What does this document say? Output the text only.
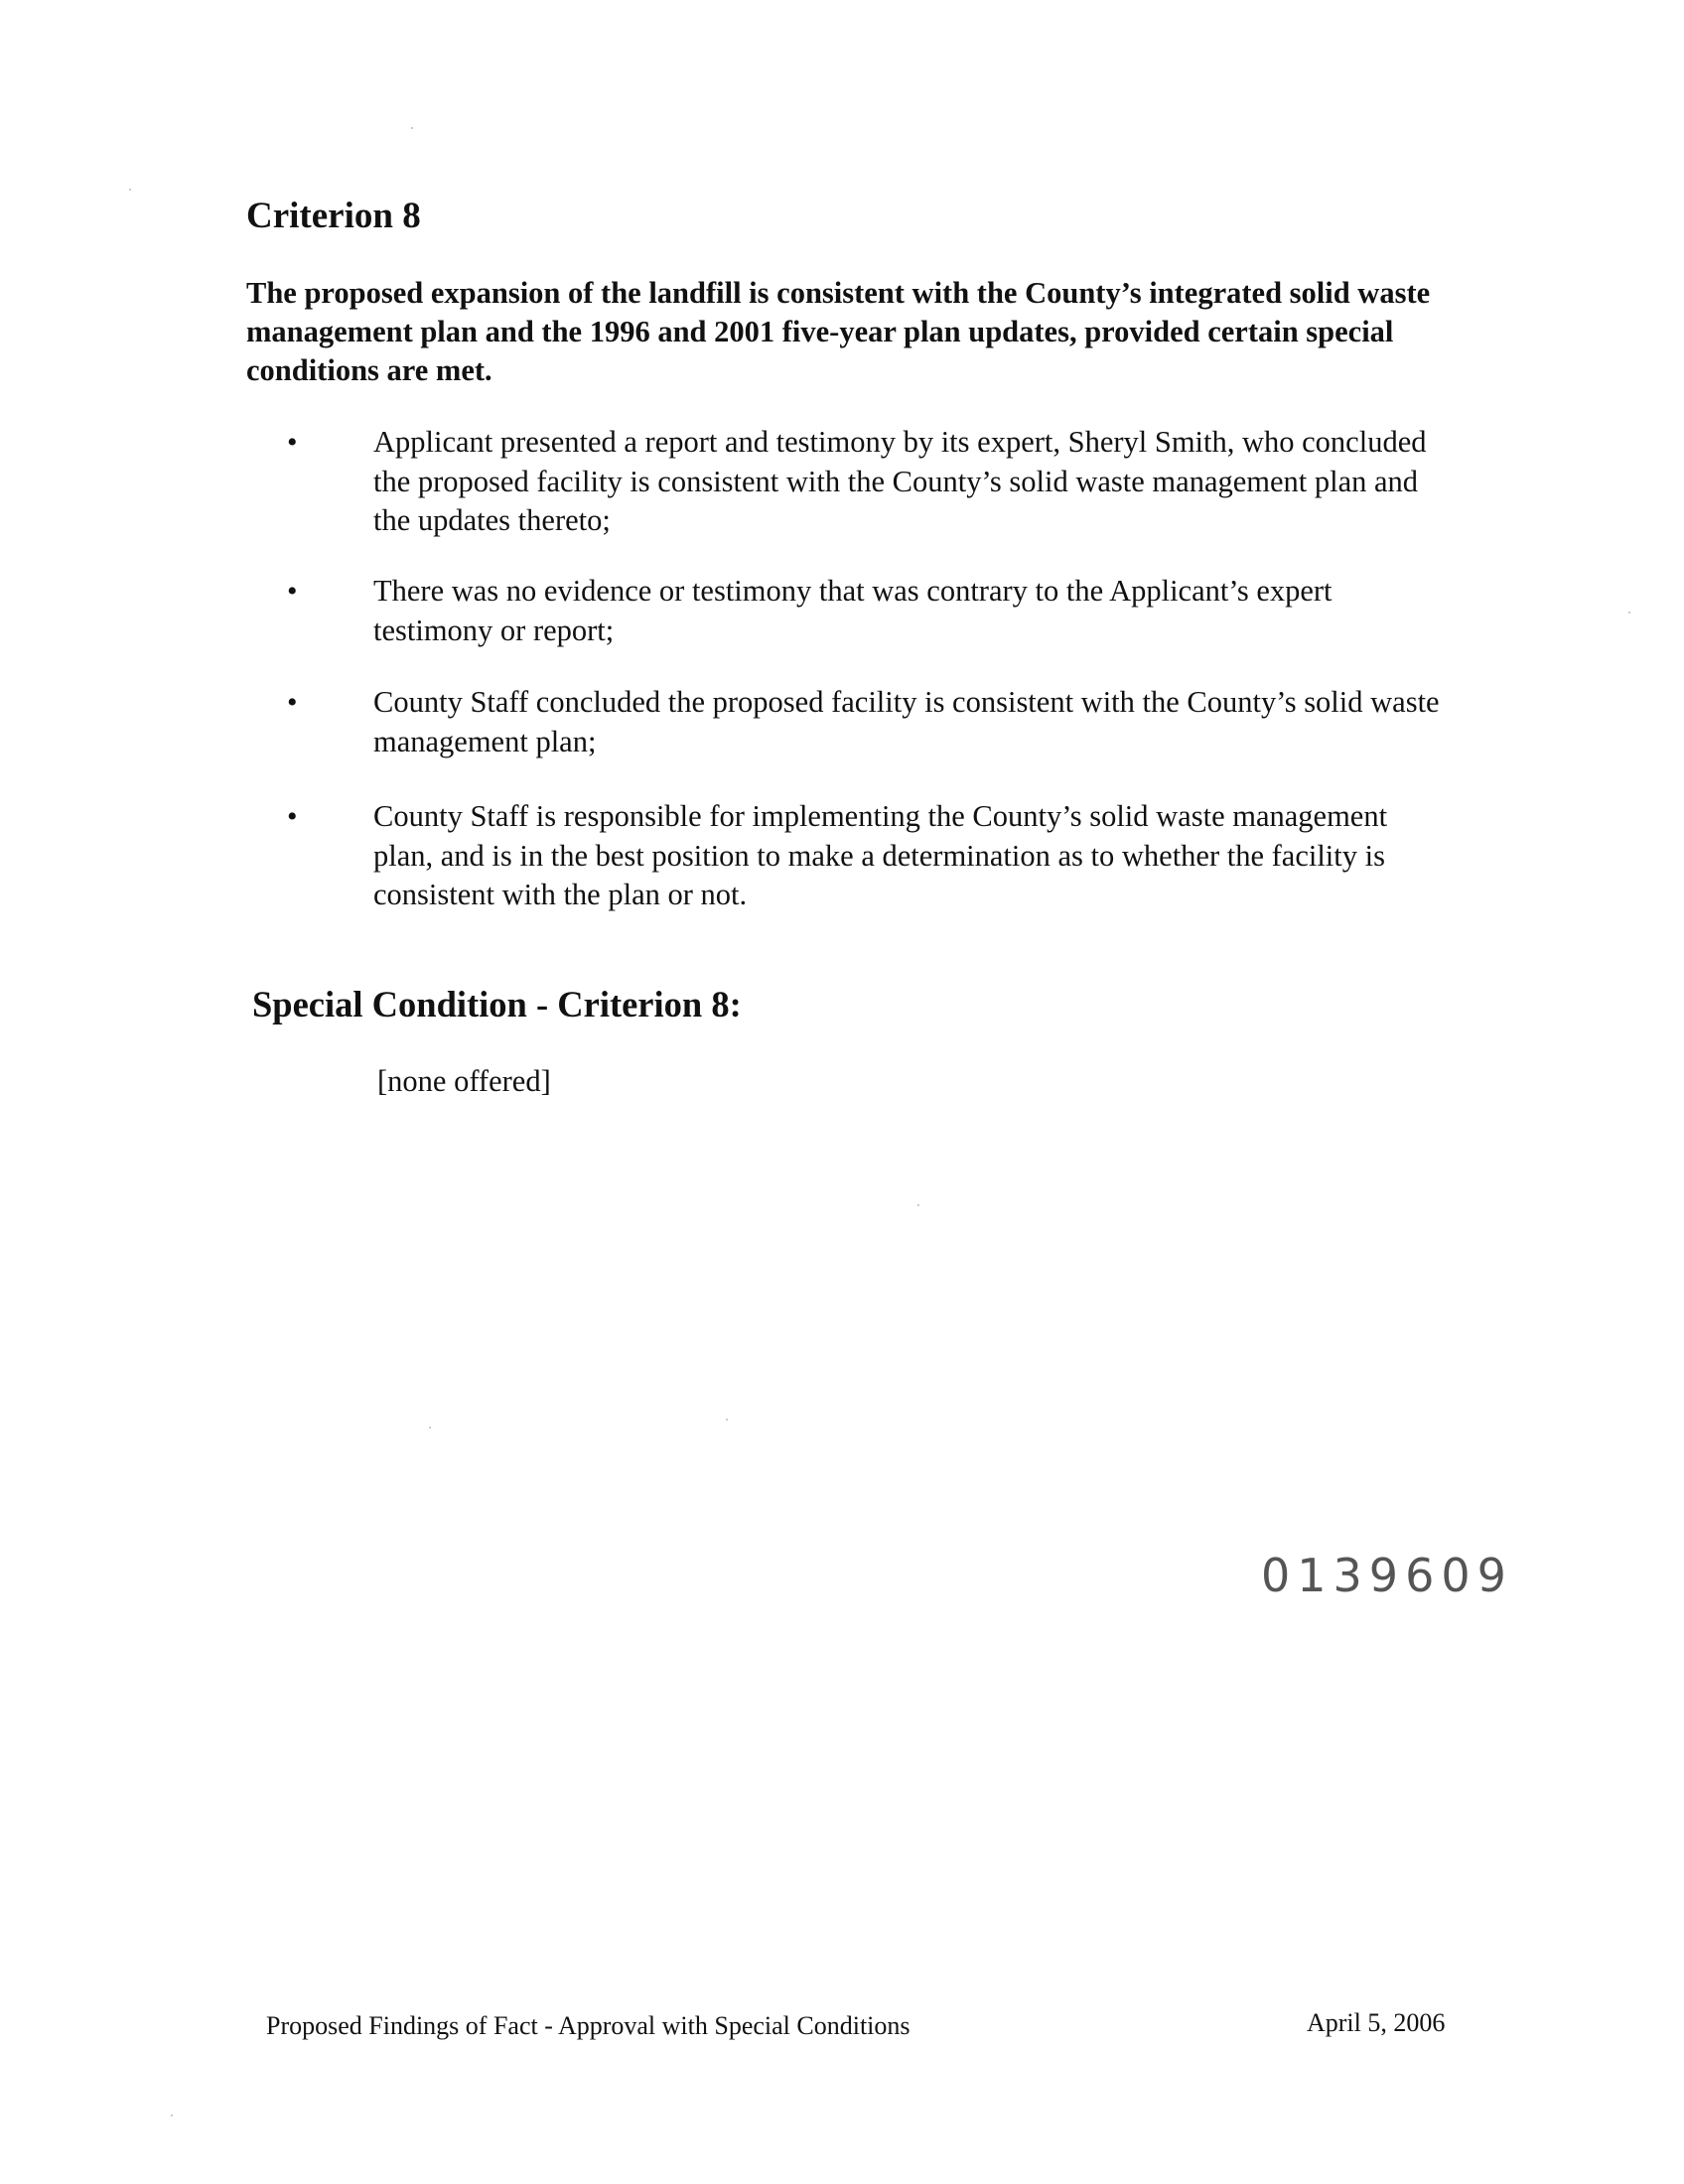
Criterion 8

The proposed expansion of the landfill is consistent with the County’s integrated solid waste management plan and the 1996 and 2001 five-year plan updates, provided certain special conditions are met.

•	Applicant presented a report and testimony by its expert, Sheryl Smith, who concluded the proposed facility is consistent with the County’s solid waste management plan and the updates thereto;

•	There was no evidence or testimony that was contrary to the Applicant’s expert testimony or report;

•	County Staff concluded the proposed facility is consistent with the County’s solid waste management plan;

•	County Staff is responsible for implementing the County’s solid waste management plan, and is in the best position to make a determination as to whether the facility is consistent with the plan or not.

Special Condition - Criterion 8:

[none offered]

0139609
Proposed Findings of Fact - Approval with Special Conditions	April 5, 2006
